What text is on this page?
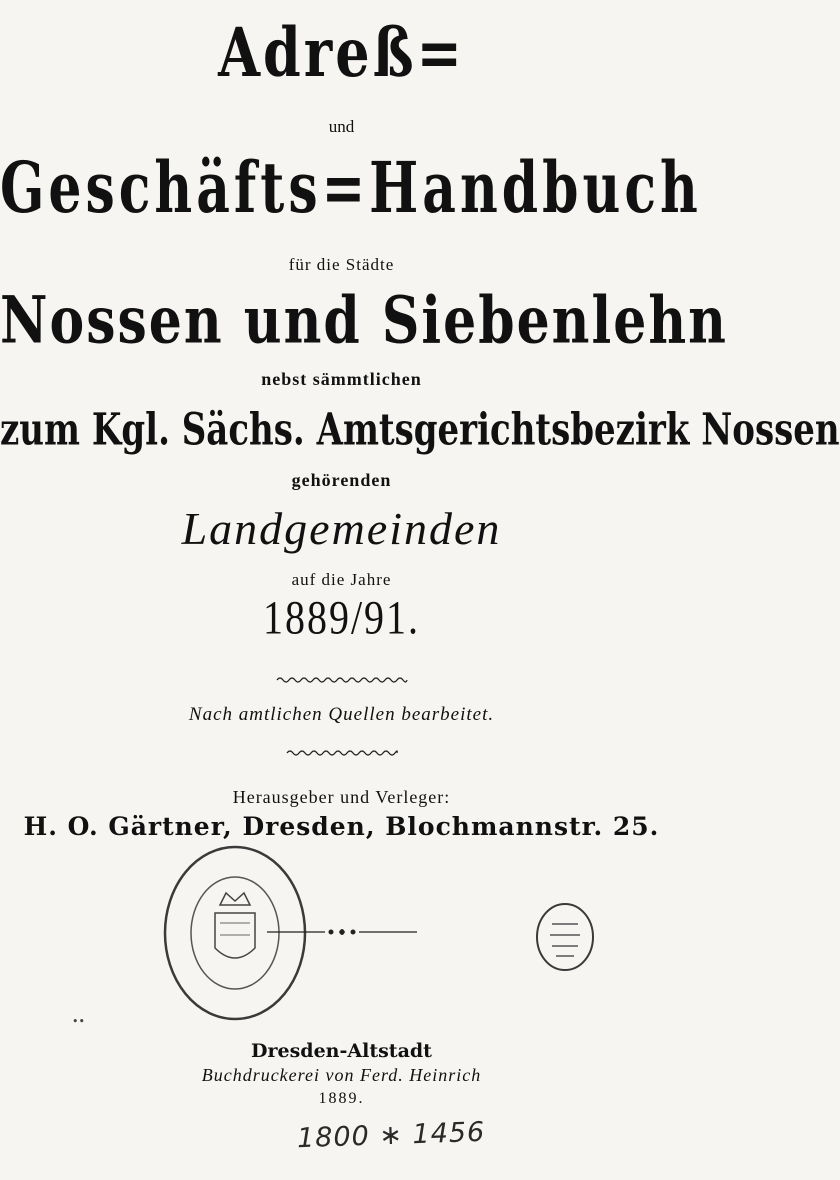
Adreß=
und
Geschäfts=Handbuch
für die Städte
Nossen und Siebenlehn
nebst sämmtlichen
zum Kgl. Sächs. Amtsgerichtsbezirk Nossen
gehörenden
Landgemeinden
auf die Jahre
1889/91.
Nach amtlichen Quellen bearbeitet.
Herausgeber und Verleger:
H. O. Gärtner, Dresden, Blochmannstr. 25.
••
Dresden-Altstadt
Buchdruckerei von Ferd. Heinrich
1889.
1800 ∗ 1456
